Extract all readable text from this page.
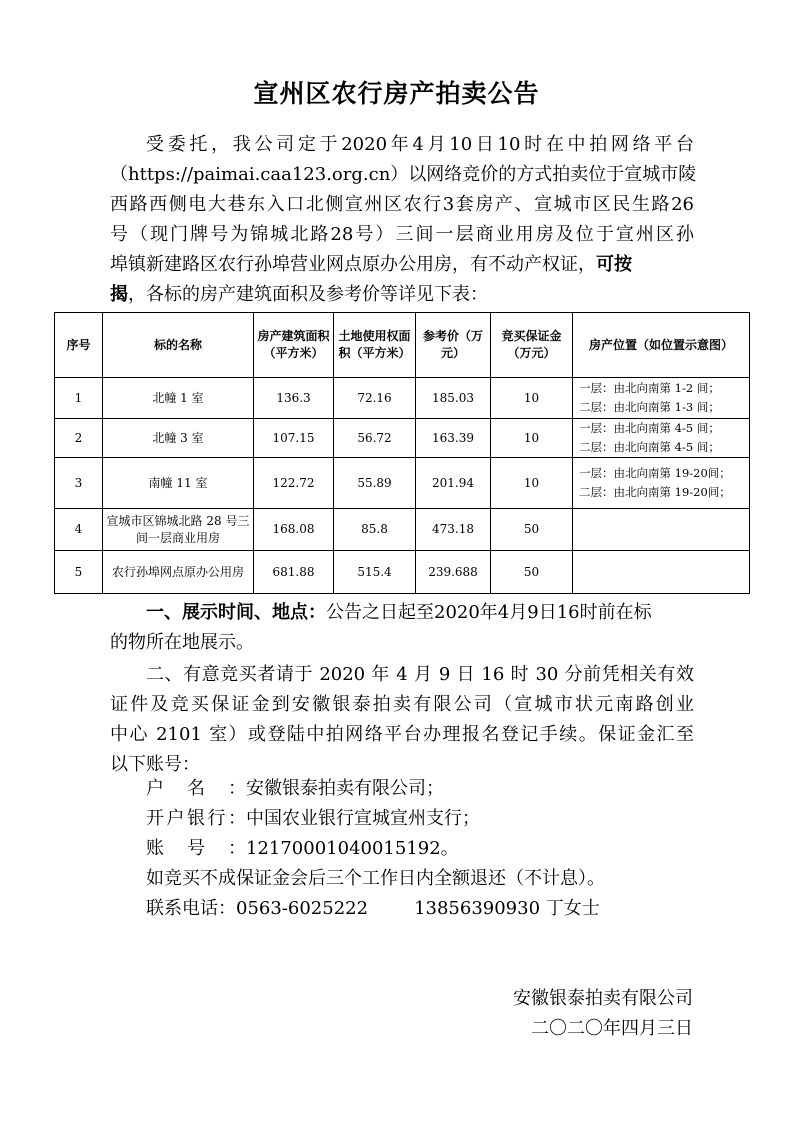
宣州区农行房产拍卖公告
受委托，我公司定于2020年4月10日10时在中拍网络平台
（https://paimai.caa123.org.cn）以网络竞价的方式拍卖位于宣城市陵
西路西侧电大巷东入口北侧宣州区农行3套房产、宣城市区民生路26
号（现门牌号为锦城北路28号）三间一层商业用房及位于宣州区孙
埠镇新建路区农行孙埠营业网点原办公用房，有不动产权证，可按
揭，各标的房产建筑面积及参考价等详见下表：
序号	标的名称	房产建筑面积（平方米）	土地使用权面积（平方米）	参考价（万元）	竞买保证金（万元）	房产位置（如位置示意图）
1	北幢 1 室	136.3	72.16	185.03	10	一层：由北向南第 1-2 间；
二层：由北向南第 1-3 间；

2	北幢 3 室	107.15	56.72	163.39	10	一层：由北向南第 4-5 间；
二层：由北向南第 4-5 间；

3	南幢 11 室	122.72	55.89	201.94	10	一层：由北向南第 19-20间；
二层：由北向南第 19-20间；

4	宣城市区锦城北路 28 号三间一层商业用房	168.08	85.8	473.18	50	

5	农行孙埠网点原办公用房	681.88	515.4	239.688	50	
一、展示时间、地点：公告之日起至2020年4月9日16时前在标
的物所在地展示。
二、有意竞买者请于 2020 年 4 月 9 日 16 时 30 分前凭相关有效
证件及竞买保证金到安徽银泰拍卖有限公司（宣城市状元南路创业
中心 2101 室）或登陆中拍网络平台办理报名登记手续。保证金汇至
以下账号：
户名：安徽银泰拍卖有限公司；
开户银行：中国农业银行宣城宣州支行；
账号：12170001040015192。
如竞买不成保证金会后三个工作日内全额退还（不计息）。
联系电话：0563-6025222	13856390930 丁女士
安徽银泰拍卖有限公司
二〇二〇年四月三日
